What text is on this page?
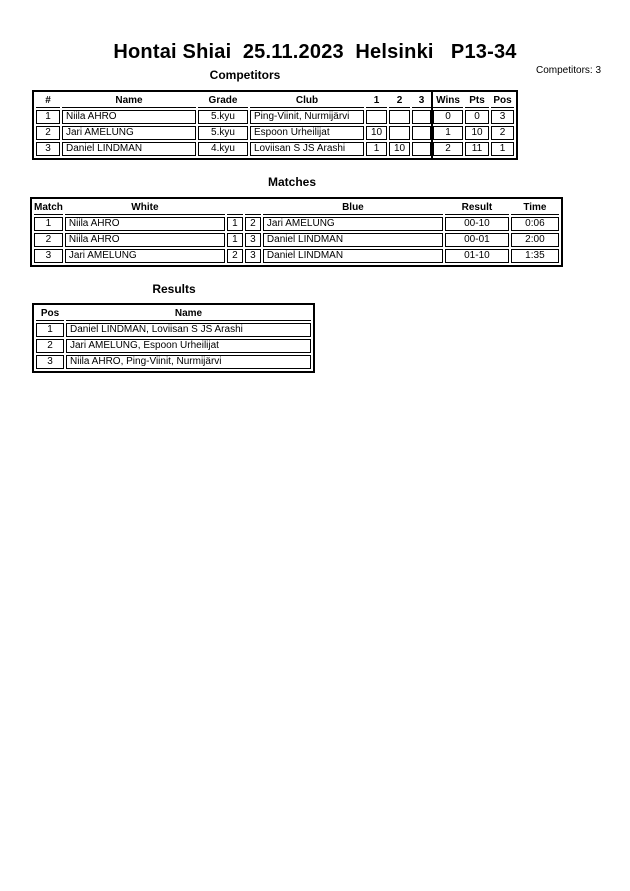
Hontai Shiai  25.11.2023  Helsinki   P13-34
Competitors: 3
Competitors
#	Name	Grade	Club	1	2	3	Wins	Pts	Pos
1	Niila AHRO	5.kyu	Ping-Viinit, Nurmijärvi				0	0	3
2	Jari AMELUNG	5.kyu	Espoon Urheilijat	10			1	10	2
3	Daniel LINDMAN	4.kyu	Loviisan S JS Arashi	1	10		2	11	1
Matches
Match	White			Blue	Result	Time
1	Niila AHRO	1	2	Jari AMELUNG	00-10	0:06
2	Niila AHRO	1	3	Daniel LINDMAN	00-01	2:00
3	Jari AMELUNG	2	3	Daniel LINDMAN	01-10	1:35
Results
Pos	Name
1	Daniel LINDMAN, Loviisan S JS Arashi
2	Jari AMELUNG, Espoon Urheilijat
3	Niila AHRO, Ping-Viinit, Nurmijärvi
